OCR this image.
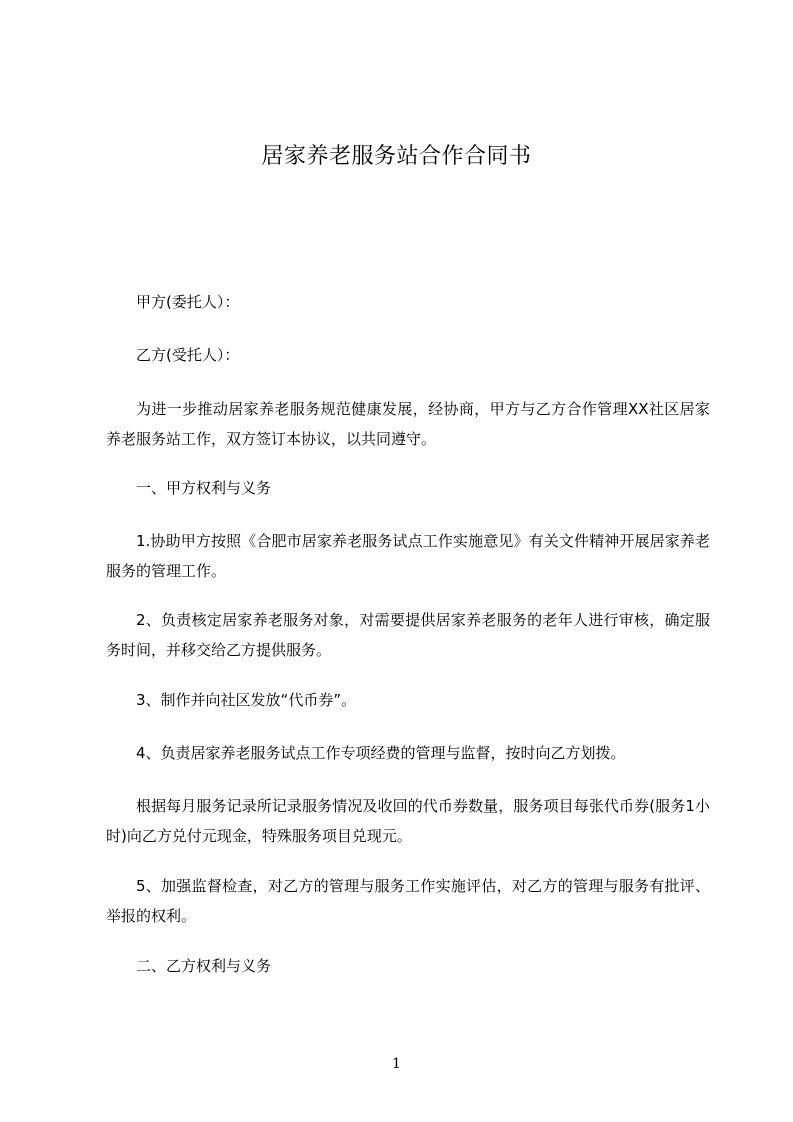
居家养老服务站合作合同书

甲方(委托人）：

乙方(受托人）：

为进一步推动居家养老服务规范健康发展，经协商，甲方与乙方合作管理XX社区居家养老服务站工作，双方签订本协议，以共同遵守。

一、甲方权利与义务

1.协助甲方按照《合肥市居家养老服务试点工作实施意见》有关文件精神开展居家养老服务的管理工作。

2、负责核定居家养老服务对象，对需要提供居家养老服务的老年人进行审核，确定服务时间，并移交给乙方提供服务。

3、制作并向社区发放“代币券”。

4、负责居家养老服务试点工作专项经费的管理与监督，按时向乙方划拨。

根据每月服务记录所记录服务情况及收回的代币券数量，服务项目每张代币券(服务1小时)向乙方兑付元现金，特殊服务项目兑现元。

5、加强监督检查，对乙方的管理与服务工作实施评估，对乙方的管理与服务有批评、举报的权利。

二、乙方权利与义务

1
